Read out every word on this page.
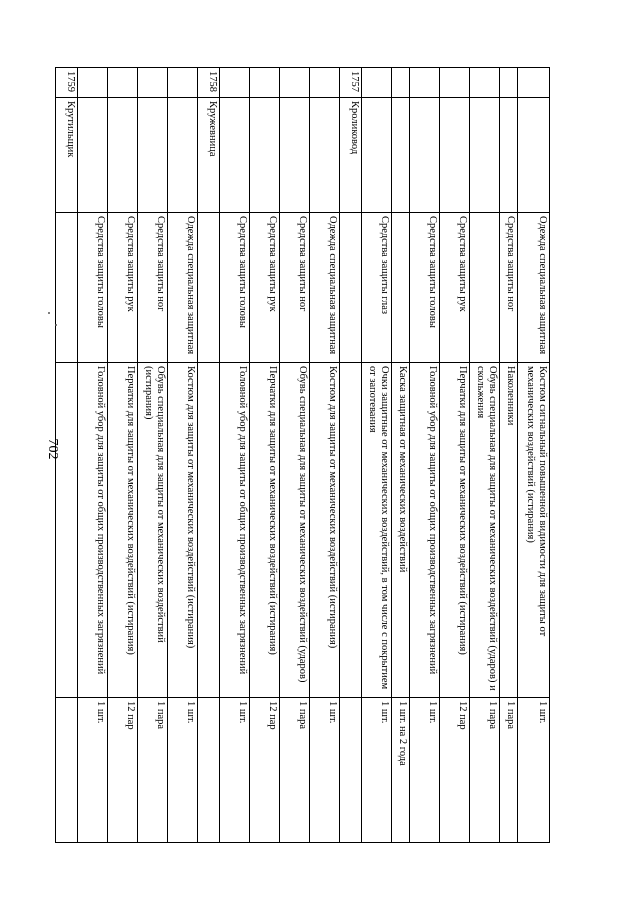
702
		Одежда специальная защитная	Костюм сигнальный повышенной видимости для защиты от механических воздействий (истирания)	1 шт.
		Средства защиты ног	Наколенники	1 пара
			Обувь специальная для защиты от механических воздействий (ударов) и скольжения	1 пара
		Средства защиты рук	Перчатки для защиты от механических воздействий (истирания)	12 пар
		Средства защиты головы	Головной убор для защиты от общих производственных загрязнений	1 шт.
			Каска защитная от механических воздействий	1 шт. на 2 года
		Средства защиты глаз	Очки защитные от механических воздействий, в том числе с покрытием от запотевания	1 шт.
1757	Кроликовод			
		Одежда специальная защитная	Костюм для защиты от механических воздействий (истирания)	1 шт.
		Средства защиты ног	Обувь специальная для защиты от механических воздействий (ударов)	1 пара
		Средства защиты рук	Перчатки для защиты от механических воздействий (истирания)	12 пар
		Средства защиты головы	Головной убор для защиты от общих производственных загрязнений	1 шт.
1758	Кружевница			
		Одежда специальная защитная	Костюм для защиты от механических воздействий (истирания)	1 шт.
		Средства защиты ног	Обувь специальная для защиты от механических воздействий (истирания)	1 пара
		Средства защиты рук	Перчатки для защиты от механических воздействий (истирания)	12 пар
		Средства защиты головы	Головной убор для защиты от общих производственных загрязнений	1 шт.
1759	Крутильщик			
